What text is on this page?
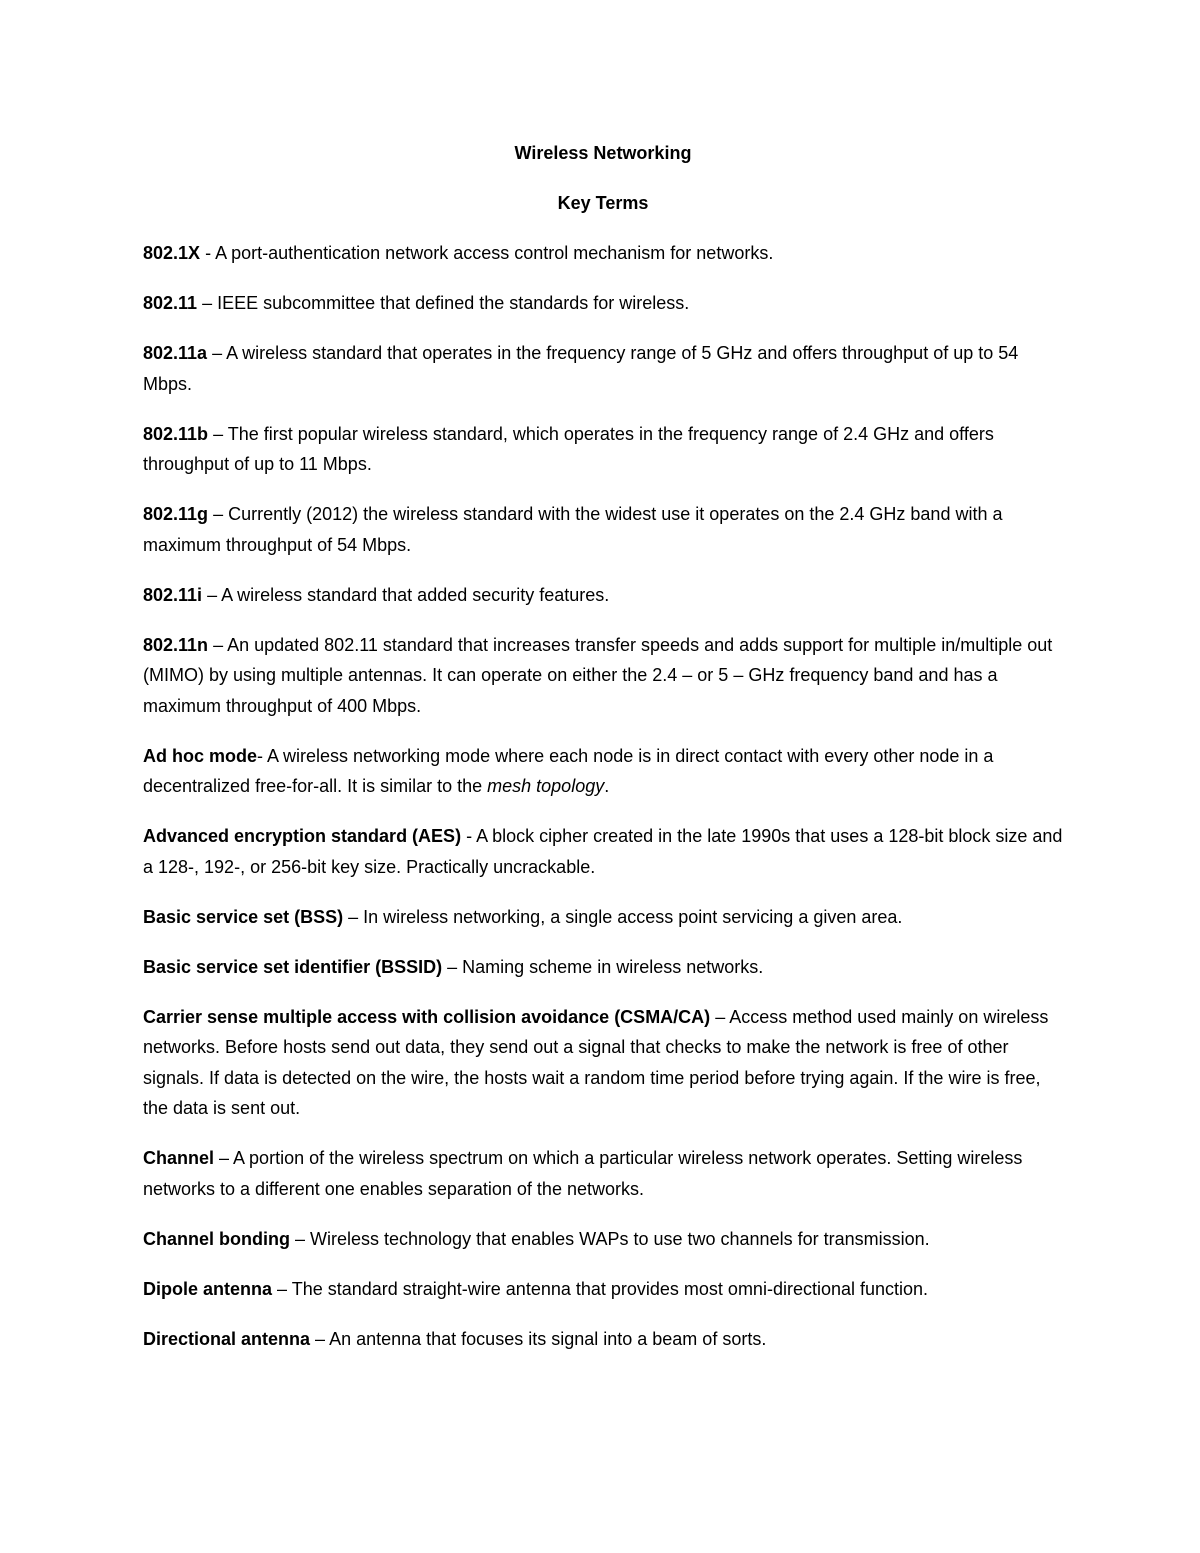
Wireless Networking

Key Terms

802.1X - A port-authentication network access control mechanism for networks.

802.11 – IEEE subcommittee that defined the standards for wireless.

802.11a – A wireless standard that operates in the frequency range of 5 GHz and offers throughput of up to 54 Mbps.

802.11b – The first popular wireless standard, which operates in the frequency range of 2.4 GHz and offers throughput of up to 11 Mbps.

802.11g – Currently (2012) the wireless standard with the widest use it operates on the 2.4 GHz band with a maximum throughput of 54 Mbps.

802.11i – A wireless standard that added security features.

802.11n – An updated 802.11 standard that increases transfer speeds and adds support for multiple in/multiple out (MIMO) by using multiple antennas. It can operate on either the 2.4 – or 5 – GHz frequency band and has a maximum throughput of 400 Mbps.

Ad hoc mode- A wireless networking mode where each node is in direct contact with every other node in a decentralized free-for-all. It is similar to the mesh topology.

Advanced encryption standard (AES) - A block cipher created in the late 1990s that uses a 128-bit block size and a 128-, 192-, or 256-bit key size. Practically uncrackable.

Basic service set (BSS) – In wireless networking, a single access point servicing a given area.

Basic service set identifier (BSSID) – Naming scheme in wireless networks.

Carrier sense multiple access with collision avoidance (CSMA/CA) – Access method used mainly on wireless networks. Before hosts send out data, they send out a signal that checks to make the network is free of other signals. If data is detected on the wire, the hosts wait a random time period before trying again. If the wire is free, the data is sent out.

Channel – A portion of the wireless spectrum on which a particular wireless network operates. Setting wireless networks to a different one enables separation of the networks.

Channel bonding – Wireless technology that enables WAPs to use two channels for transmission.

Dipole antenna – The standard straight-wire antenna that provides most omni-directional function.

Directional antenna – An antenna that focuses its signal into a beam of sorts.
